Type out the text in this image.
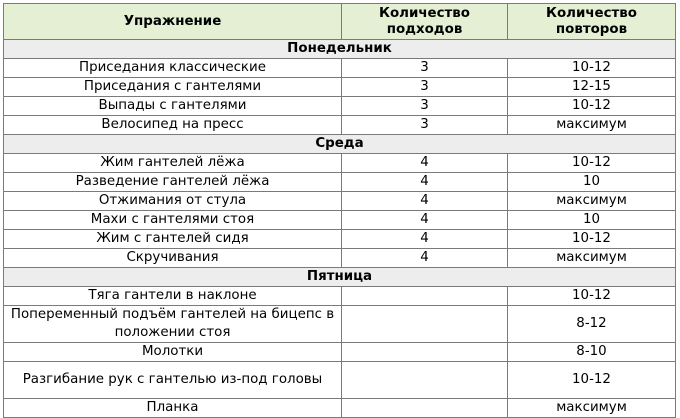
Упражнение	Количество подходов	Количество повторов
Понедельник		
Приседания классические	3	10-12
Приседания с гантелями	3	12-15
Выпады с гантелями	3	10-12
Велосипед на пресс	3	максимум
Среда		
Жим гантелей лёжа	4	10-12
Разведение гантелей лёжа	4	10
Отжимания от стула	4	максимум
Махи с гантелями стоя	4	10
Жим с гантелей сидя	4	10-12
Скручивания	4	максимум
Пятница		
Тяга гантели в наклоне		10-12
Попеременный подъём гантелей на бицепс в положении стоя		8-12
Молотки		8-10
Разгибание рук с гантелью из-под головы		10-12
Планка		максимум
